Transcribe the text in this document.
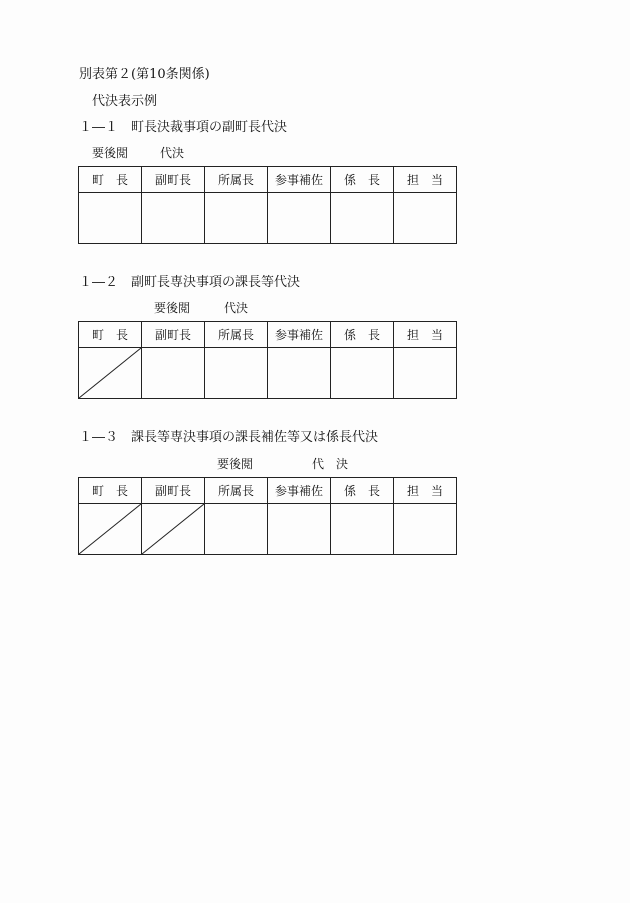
別表第２(第10条関係)
代決表示例
１―１　町長決裁事項の副町長代決
要後閲	代決
町　長	副町長	所属長	参事補佐	係　長	担　当

１―２　副町長専決事項の課長等代決
要後閲	代決
町　長	副町長	所属長	参事補佐	係　長	担　当

１―３　課長等専決事項の課長補佐等又は係長代決
要後閲	代　決
町　長	副町長	所属長	参事補佐	係　長	担　当
